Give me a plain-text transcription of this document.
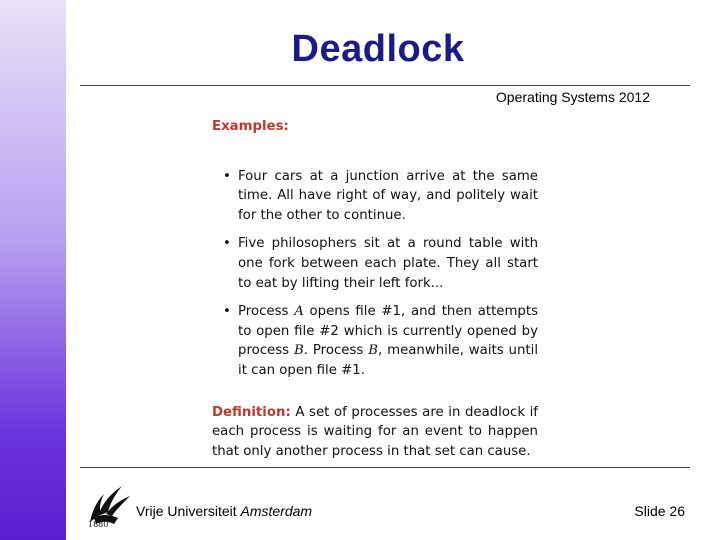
Deadlock
Operating Systems 2012
Examples:
• Four cars at a junction arrive at the same time. All have right of way, and politely wait for the other to continue.
• Five philosophers sit at a round table with one fork between each plate. They all start to eat by lifting their left fork...
• Process A opens file #1, and then attempts to open file #2 which is currently opened by process B. Process B, meanwhile, waits until it can open file #1.
Definition: A set of processes are in deadlock if each process is waiting for an event to happen that only another process in that set can cause.
1880
Vrije Universiteit Amsterdam	Slide 26
